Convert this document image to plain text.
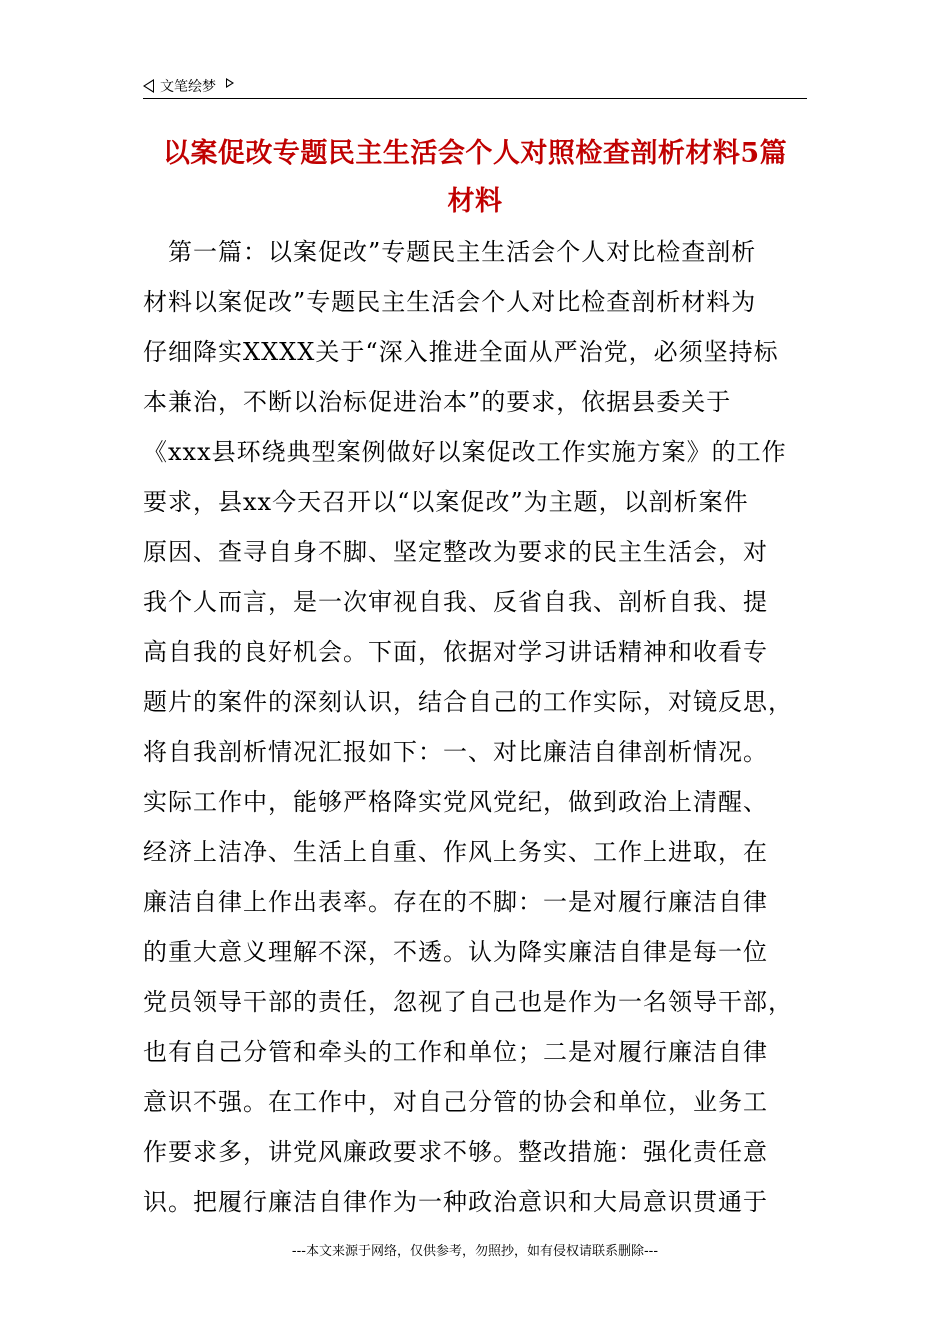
文笔绘梦
以案促改专题民主生活会个人对照检查剖析材料5篇
材料
　第一篇：以案促改”专题民主生活会个人对比检查剖析
材料以案促改”专题民主生活会个人对比检查剖析材料为
仔细降实XXXX关于“深入推进全面从严治党，必须坚持标
本兼治，不断以治标促进治本”的要求，依据县委关于
《xxx县环绕典型案例做好以案促改工作实施方案》的工作
要求，县xx今天召开以“以案促改”为主题，以剖析案件
原因、查寻自身不脚、坚定整改为要求的民主生活会，对
我个人而言，是一次审视自我、反省自我、剖析自我、提
高自我的良好机会。下面，依据对学习讲话精神和收看专
题片的案件的深刻认识，结合自己的工作实际，对镜反思，
将自我剖析情况汇报如下：一、对比廉洁自律剖析情况。
实际工作中，能够严格降实党风党纪，做到政治上清醒、
经济上洁净、生活上自重、作风上务实、工作上进取，在
廉洁自律上作出表率。存在的不脚：一是对履行廉洁自律
的重大意义理解不深，不透。认为降实廉洁自律是每一位
党员领导干部的责任，忽视了自己也是作为一名领导干部，
也有自己分管和牵头的工作和单位；二是对履行廉洁自律
意识不强。在工作中，对自己分管的协会和单位，业务工
作要求多，讲党风廉政要求不够。整改措施：强化责任意
识。把履行廉洁自律作为一种政治意识和大局意识贯通于
---本文来源于网络，仅供参考，勿照抄，如有侵权请联系删除---
